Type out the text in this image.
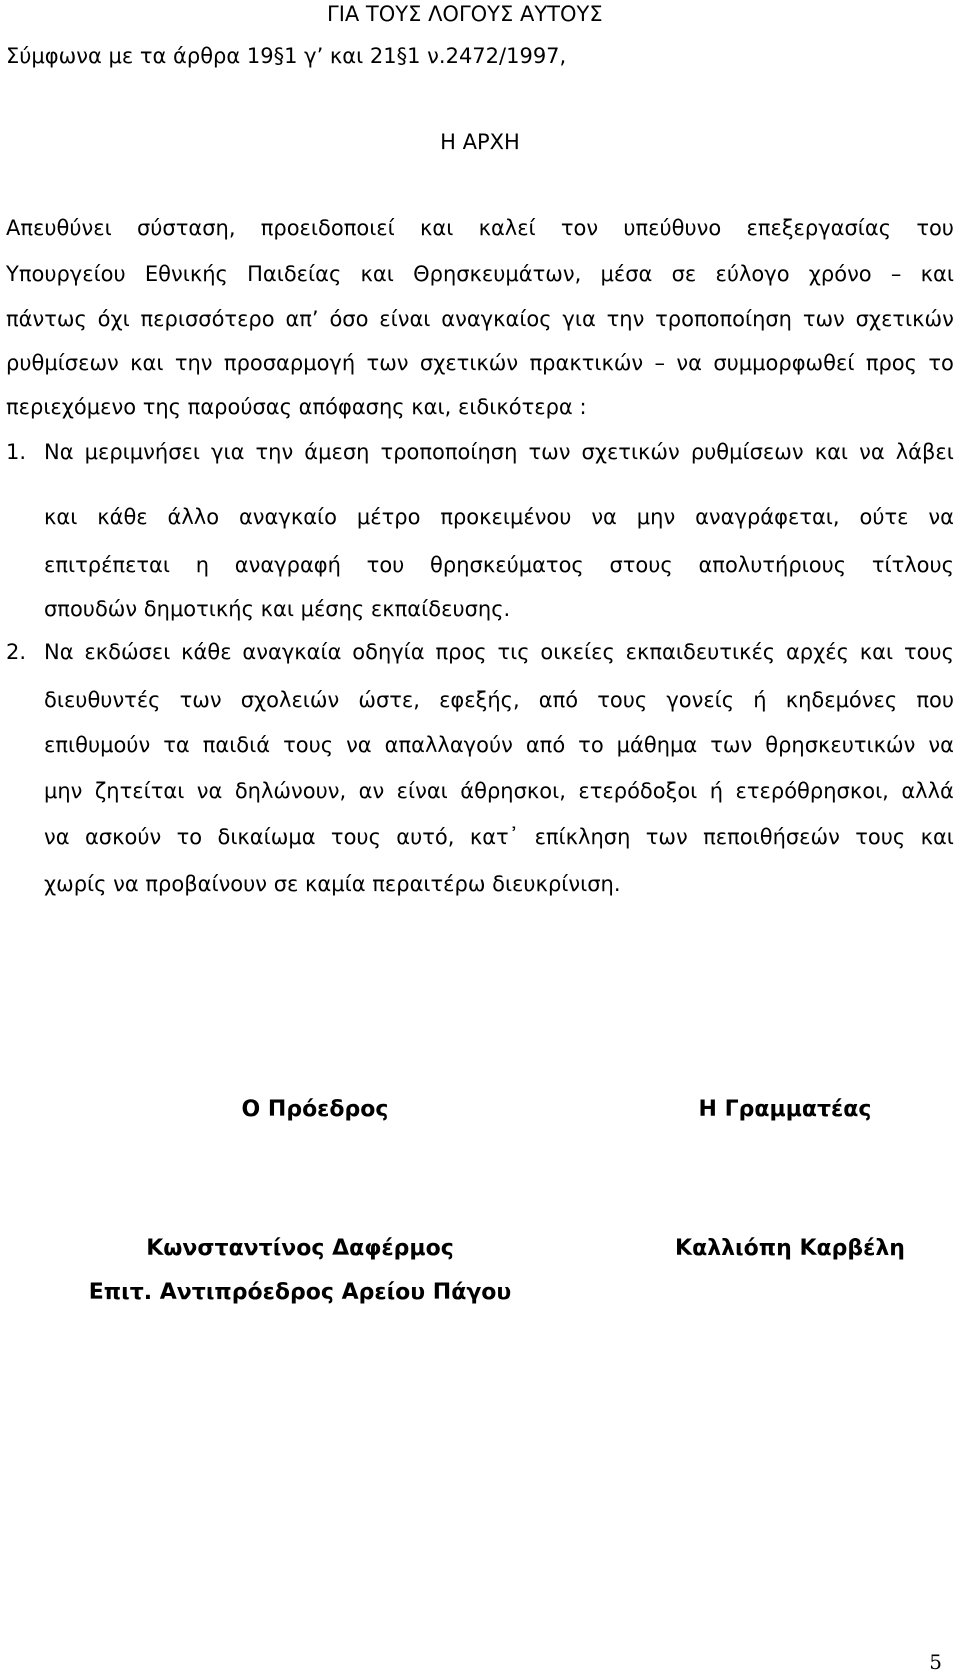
ΓΙΑ ΤΟΥΣ ΛΟΓΟΥΣ ΑΥΤΟΥΣ
Σύμφωνα με τα άρθρα 19§1 γ’ και 21§1 ν.2472/1997,
Η ΑΡΧΗ
Απευθύνει σύσταση, προειδοποιεί και καλεί τον υπεύθυνο επεξεργασίας του
Υπουργείου Εθνικής Παιδείας και Θρησκευμάτων, μέσα σε εύλογο χρόνο – και
πάντως όχι περισσότερο απ’ όσο είναι αναγκαίος για την τροποποίηση των σχετικών
ρυθμίσεων και την προσαρμογή των σχετικών πρακτικών – να συμμορφωθεί προς το
περιεχόμενο της παρούσας απόφασης και, ειδικότερα :
1. Να μεριμνήσει για την άμεση τροποποίηση των σχετικών ρυθμίσεων και να λάβει
και κάθε άλλο αναγκαίο μέτρο προκειμένου να μην αναγράφεται, ούτε να
επιτρέπεται η αναγραφή του θρησκεύματος στους απολυτήριους τίτλους
σπουδών δημοτικής και μέσης εκπαίδευσης.
2. Να εκδώσει κάθε αναγκαία οδηγία προς τις οικείες εκπαιδευτικές αρχές και τους
διευθυντές των σχολειών ώστε, εφεξής, από τους γονείς ή κηδεμόνες που
επιθυμούν τα παιδιά τους να απαλλαγούν από το μάθημα των θρησκευτικών να
μην ζητείται να δηλώνουν, αν είναι άθρησκοι, ετερόδοξοι ή ετερόθρησκοι, αλλά
να ασκούν το δικαίωμα τους αυτό, κατ᾿ επίκληση των πεποιθήσεών τους και
χωρίς να προβαίνουν σε καμία περαιτέρω διευκρίνιση.
Ο Πρόεδρος	Η Γραμματέας
Κωνσταντίνος Δαφέρμος	Καλλιόπη Καρβέλη
Επιτ. Αντιπρόεδρος Αρείου Πάγου
5
